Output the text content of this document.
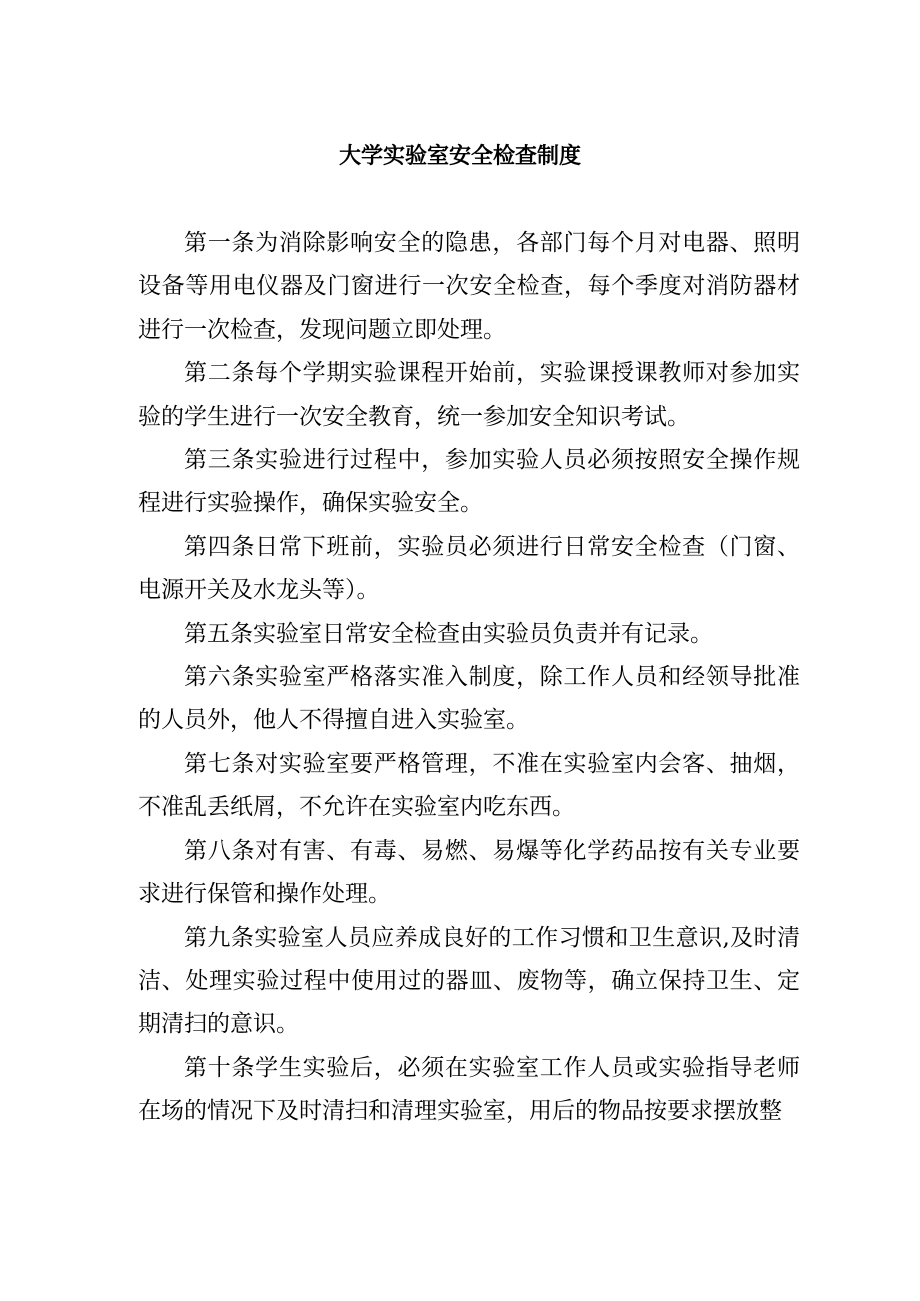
大学实验室安全检查制度

第一条为消除影响安全的隐患，各部门每个月对电器、照明设备等用电仪器及门窗进行一次安全检查，每个季度对消防器材进行一次检查，发现问题立即处理。

第二条每个学期实验课程开始前，实验课授课教师对参加实验的学生进行一次安全教育，统一参加安全知识考试。

第三条实验进行过程中，参加实验人员必须按照安全操作规程进行实验操作，确保实验安全。

第四条日常下班前，实验员必须进行日常安全检查（门窗、电源开关及水龙头等）。

第五条实验室日常安全检查由实验员负责并有记录。

第六条实验室严格落实准入制度，除工作人员和经领导批准的人员外，他人不得擅自进入实验室。

第七条对实验室要严格管理，不准在实验室内会客、抽烟，不准乱丢纸屑，不允许在实验室内吃东西。

第八条对有害、有毒、易燃、易爆等化学药品按有关专业要求进行保管和操作处理。

第九条实验室人员应养成良好的工作习惯和卫生意识,及时清洁、处理实验过程中使用过的器皿、废物等，确立保持卫生、定期清扫的意识。

第十条学生实验后，必须在实验室工作人员或实验指导老师在场的情况下及时清扫和清理实验室，用后的物品按要求摆放整
